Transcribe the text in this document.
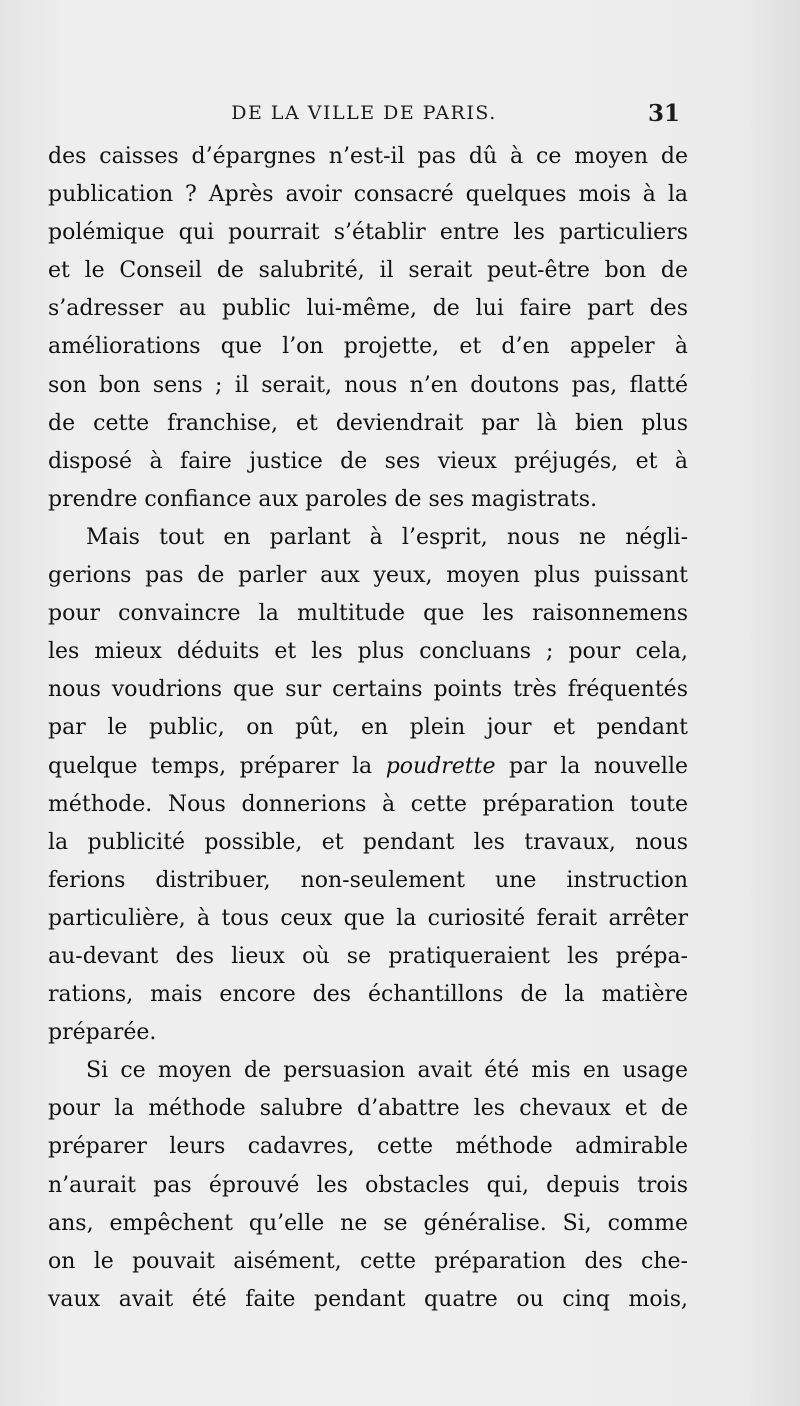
DE LA VILLE DE PARIS.	31
des caisses d’épargnes n’est-il pas dû à ce moyen de
publication ? Après avoir consacré quelques mois à la
polémique qui pourrait s’établir entre les particuliers
et le Conseil de salubrité, il serait peut-être bon de
s’adresser au public lui-même, de lui faire part des
améliorations que l’on projette, et d’en appeler à
son bon sens ; il serait, nous n’en doutons pas, flatté
de cette franchise, et deviendrait par là bien plus
disposé à faire justice de ses vieux préjugés, et à
prendre confiance aux paroles de ses magistrats.
Mais tout en parlant à l’esprit, nous ne négli-
gerions pas de parler aux yeux, moyen plus puissant
pour convaincre la multitude que les raisonnemens
les mieux déduits et les plus concluans ; pour cela,
nous voudrions que sur certains points très fréquentés
par le public, on pût, en plein jour et pendant
quelque temps, préparer la poudrette par la nouvelle
méthode. Nous donnerions à cette préparation toute
la publicité possible, et pendant les travaux, nous
ferions distribuer, non-seulement une instruction
particulière, à tous ceux que la curiosité ferait arrêter
au-devant des lieux où se pratiqueraient les prépa-
rations, mais encore des échantillons de la matière
préparée.
Si ce moyen de persuasion avait été mis en usage
pour la méthode salubre d’abattre les chevaux et de
préparer leurs cadavres, cette méthode admirable
n’aurait pas éprouvé les obstacles qui, depuis trois
ans, empêchent qu’elle ne se généralise. Si, comme
on le pouvait aisément, cette préparation des che-
vaux avait été faite pendant quatre ou cinq mois,
